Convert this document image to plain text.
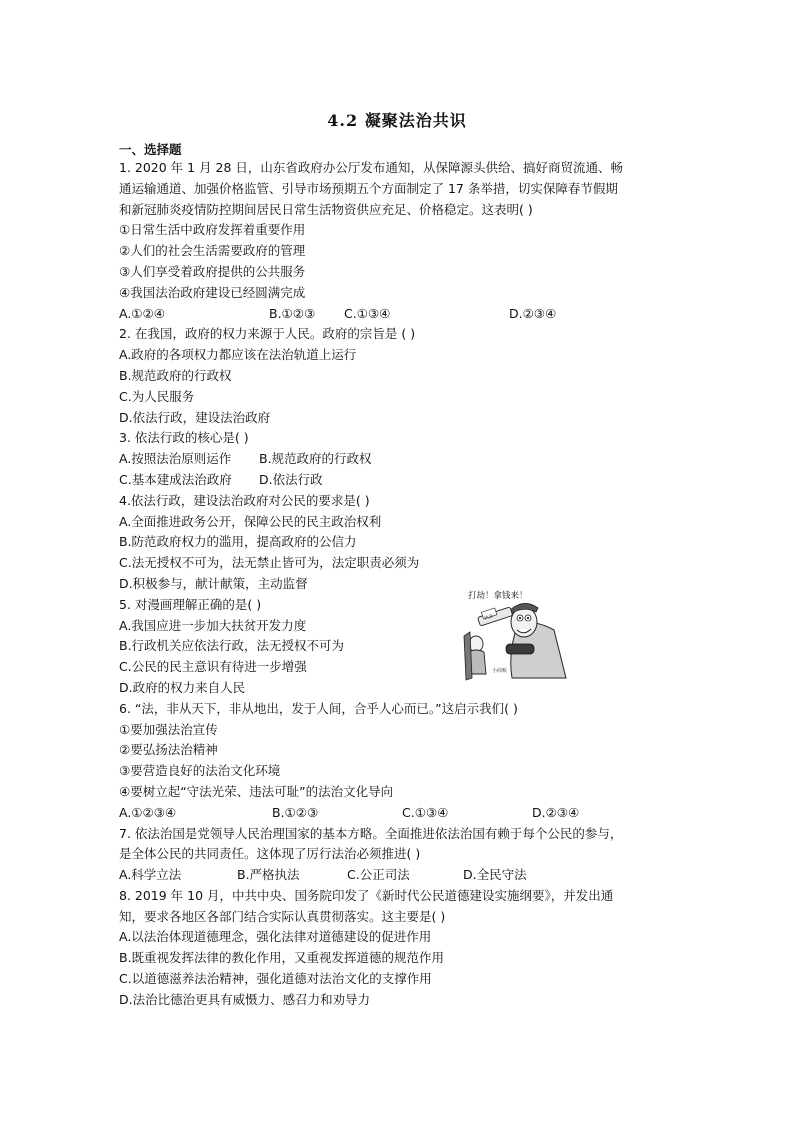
4.2 凝聚法治共识
一、选择题
1. 2020 年 1 月 28 日，山东省政府办公厅发布通知，从保障源头供给、搞好商贸流通、畅
通运输通道、加强价格监管、引导市场预期五个方面制定了 17 条举措，切实保障春节假期
和新冠肺炎疫情防控期间居民日常生活物资供应充足、价格稳定。这表明( )
①日常生活中政府发挥着重要作用
②人们的社会生活需要政府的管理
③人们享受着政府提供的公共服务
④我国法治政府建设已经圆满完成
A.①②④	B.①②③	C.①③④	D.②③④
2. 在我国，政府的权力来源于人民。政府的宗旨是 ( )
A.政府的各项权力都应该在法治轨道上运行
B.规范政府的行政权
C.为人民服务
D.依法行政，建设法治政府
3. 依法行政的核心是( )
A.按照法治原则运作 B.规范政府的行政权
C.基本建成法治政府 D.依法行政
4.依法行政，建设法治政府对公民的要求是( )
A.全面推进政务公开，保障公民的民主政治权利
B.防范政府权力的滥用，提高政府的公信力
C.法无授权不可为，法无禁止皆可为，法定职责必须为
D.积极参与，献计献策，主动监督
5. 对漫画理解正确的是( )
A.我国应进一步加大扶贫开发力度
B.行政机关应依法行政，法无授权不可为
C.公民的民主意识有待进一步增强
D.政府的权力来自人民
6. “法，非从天下，非从地出，发于人间，合乎人心而已。”这启示我们( )
①要加强法治宣传
②要弘扬法治精神
③要营造良好的法治文化环境
④要树立起“守法光荣、违法可耻”的法治文化导向
A.①②③④	B.①②③	C.①③④	D.②③④
7. 依法治国是党领导人民治理国家的基本方略。全面推进依法治国有赖于每个公民的参与，
是全体公民的共同责任。这体现了厉行法治必须推进( )
A.科学立法	B.严格执法	C.公正司法	D.全民守法
8. 2019 年 10 月，中共中央、国务院印发了《新时代公民道德建设实施纲要》，并发出通
知，要求各地区各部门结合实际认真贯彻落实。这主要是( )
A.以法治体现道德理念，强化法律对道德建设的促进作用
B.既重视发挥法律的教化作用，又重视发挥道德的规范作用
C.以道德滋养法治精神，强化道德对法治文化的支撑作用
D.法治比德治更具有威慑力、感召力和劝导力
打劫！拿钱来！
执法
小商贩
